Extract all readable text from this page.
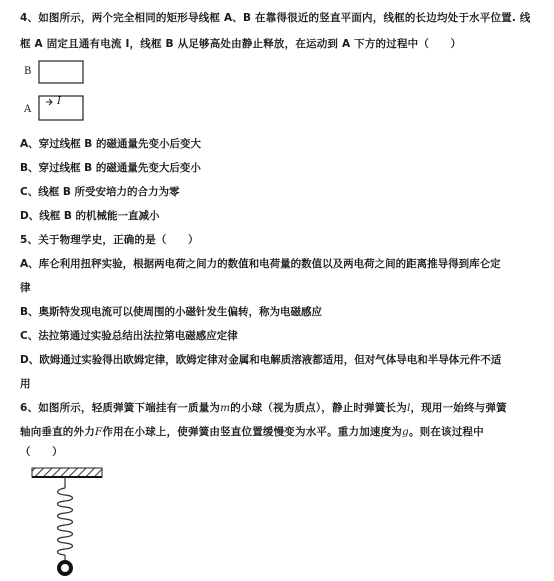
4、如图所示，两个完全相同的矩形导线框 A、B 在靠得很近的竖直平面内，线框的长边均处于水平位置. 线
框 A 固定且通有电流 I，线框 B 从足够高处由静止释放，在运动到 A 下方的过程中（　　）
B
A
I
A、穿过线框 B 的磁通量先变小后变大
B、穿过线框 B 的磁通量先变大后变小
C、线框 B 所受安培力的合力为零
D、线框 B 的机械能一直减小
5、关于物理学史，正确的是（　　）
A、库仑利用扭秤实验，根据两电荷之间力的数值和电荷量的数值以及两电荷之间的距离推导得到库仑定
律
B、奥斯特发现电流可以使周围的小磁针发生偏转，称为电磁感应
C、法拉第通过实验总结出法拉第电磁感应定律
D、欧姆通过实验得出欧姆定律，欧姆定律对金属和电解质溶液都适用，但对气体导电和半导体元件不适
用
6、如图所示，轻质弹簧下端挂有一质量为m的小球（视为质点），静止时弹簧长为l，现用一始终与弹簧
轴向垂直的外力F作用在小球上，使弹簧由竖直位置缓慢变为水平。重力加速度为g。则在该过程中
（　　）
